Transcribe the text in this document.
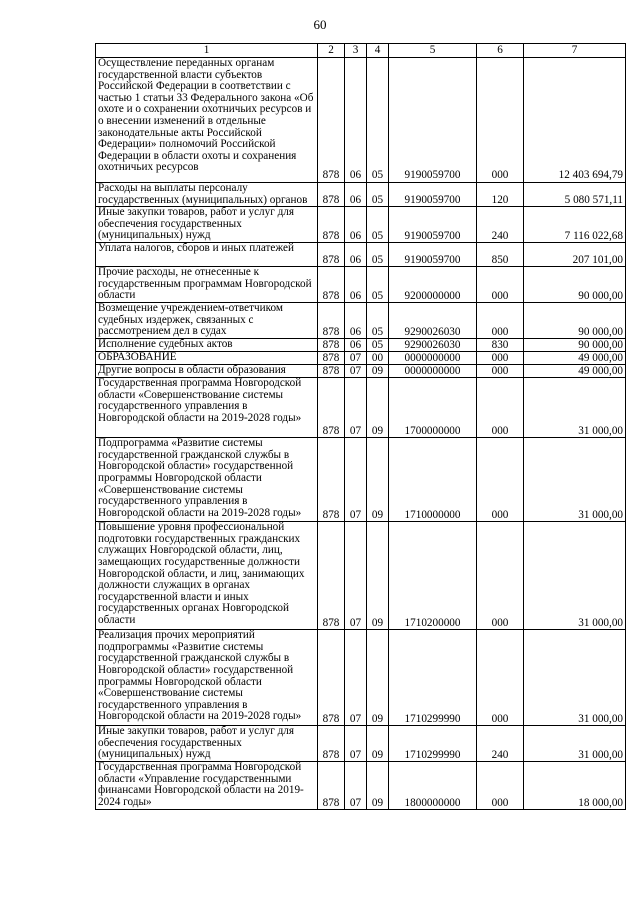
60
1	2	3	4	5	6	7
Осуществление переданных органам государственной власти субъектов Российской Федерации в соответствии с частью 1 статьи 33 Федерального закона «Об охоте и о сохранении охотничьих ресурсов и о внесении изменений в отдельные законодательные акты Российской Федерации» полномочий Российской Федерации в области охоты и сохранения охотничьих ресурсов	878	06	05	9190059700	000	12 403 694,79
Расходы на выплаты персоналу государственных (муниципальных) органов	878	06	05	9190059700	120	5 080 571,11
Иные закупки товаров, работ и услуг для обеспечения государственных (муниципальных) нужд	878	06	05	9190059700	240	7 116 022,68
Уплата налогов, сборов и иных платежей	878	06	05	9190059700	850	207 101,00
Прочие расходы, не отнесенные к государственным программам Новгородской области	878	06	05	9200000000	000	90 000,00
Возмещение учреждением-ответчиком судебных издержек, связанных с рассмотрением дел в судах	878	06	05	9290026030	000	90 000,00
Исполнение судебных актов	878	06	05	9290026030	830	90 000,00
ОБРАЗОВАНИЕ	878	07	00	0000000000	000	49 000,00
Другие вопросы в области образования	878	07	09	0000000000	000	49 000,00
Государственная программа Новгородской области «Совершенствование системы государственного управления в Новгородской области на 2019-2028 годы»	878	07	09	1700000000	000	31 000,00
Подпрограмма «Развитие системы государственной гражданской службы в Новгородской области» государственной программы Новгородской области «Совершенствование системы государственного управления в Новгородской области на 2019-2028 годы»	878	07	09	1710000000	000	31 000,00
Повышение уровня профессиональной подготовки государственных гражданских служащих Новгородской области, лиц, замещающих государственные должности Новгородской области, и лиц, занимающих должности служащих в органах государственной власти и иных государственных органах Новгородской области	878	07	09	1710200000	000	31 000,00
Реализация прочих мероприятий подпрограммы «Развитие системы государственной гражданской службы в Новгородской области» государственной программы Новгородской области «Совершенствование системы государственного управления в Новгородской области на 2019-2028 годы»	878	07	09	1710299990	000	31 000,00
Иные закупки товаров, работ и услуг для обеспечения государственных (муниципальных) нужд	878	07	09	1710299990	240	31 000,00
Государственная программа Новгородской области «Управление государственными финансами Новгородской области на 2019-2024 годы»	878	07	09	1800000000	000	18 000,00
